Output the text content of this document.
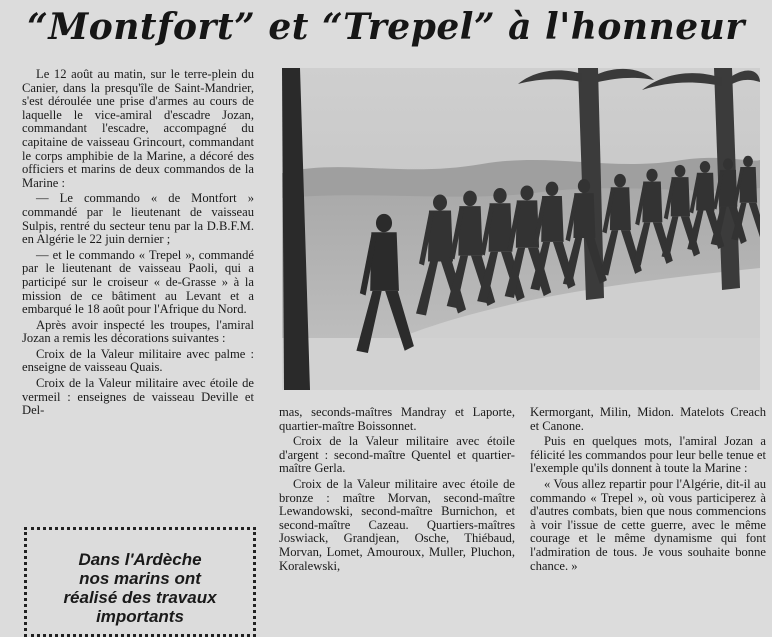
“Montfort” et “Trepel” à l'honneur

Le 12 août au matin, sur le terre-plein du Canier, dans la presqu'île de Saint-Mandrier, s'est déroulée une prise d'armes au cours de laquelle le vice-amiral d'escadre Jozan, commandant l'escadre, accompagné du capitaine de vaisseau Grincourt, commandant le corps amphibie de la Marine, a décoré des officiers et marins de deux commandos de la Marine :

— Le commando « de Montfort » commandé par le lieutenant de vaisseau Sulpis, rentré du secteur tenu par la D.B.F.M. en Algérie le 22 juin dernier ;

— et le commando « Trepel », commandé par le lieutenant de vaisseau Paoli, qui a participé sur le croiseur « de-Grasse » à la mission de ce bâtiment au Levant et a embarqué le 18 août pour l'Afrique du Nord.

Après avoir inspecté les troupes, l'amiral Jozan a remis les décorations suivantes :

Croix de la Valeur militaire avec palme : enseigne de vaisseau Quais.

Croix de la Valeur militaire avec étoile de vermeil : enseignes de vaisseau Deville et Del-	mas, seconds-maîtres Mandray et Laporte, quartier-maître Boissonnet.

Croix de la Valeur militaire avec étoile d'argent : second-maître Quentel et quartier-maître Gerla.

Croix de la Valeur militaire avec étoile de bronze : maître Morvan, second-maître Lewandowski, second-maître Burnichon, et second-maître Cazeau. Quartiers-maîtres Joswiack, Grandjean, Osche, Thiébaud, Morvan, Lomet, Amouroux, Muller, Pluchon, Koralewski,

Kermorgant, Milin, Midon. Matelots Creach et Canone.

Puis en quelques mots, l'amiral Jozan a félicité les commandos pour leur belle tenue et l'exemple qu'ils donnent à toute la Marine :

« Vous allez repartir pour l'Algérie, dit-il au commando « Trepel », où vous participerez à d'autres combats, bien que nous commencions à voir l'issue de cette guerre, avec le même courage et le même dynamisme qui font l'admiration de tous. Je vous souhaite bonne chance. »

Dans l'Ardèche
nos marins ont
réalisé des travaux
importants
